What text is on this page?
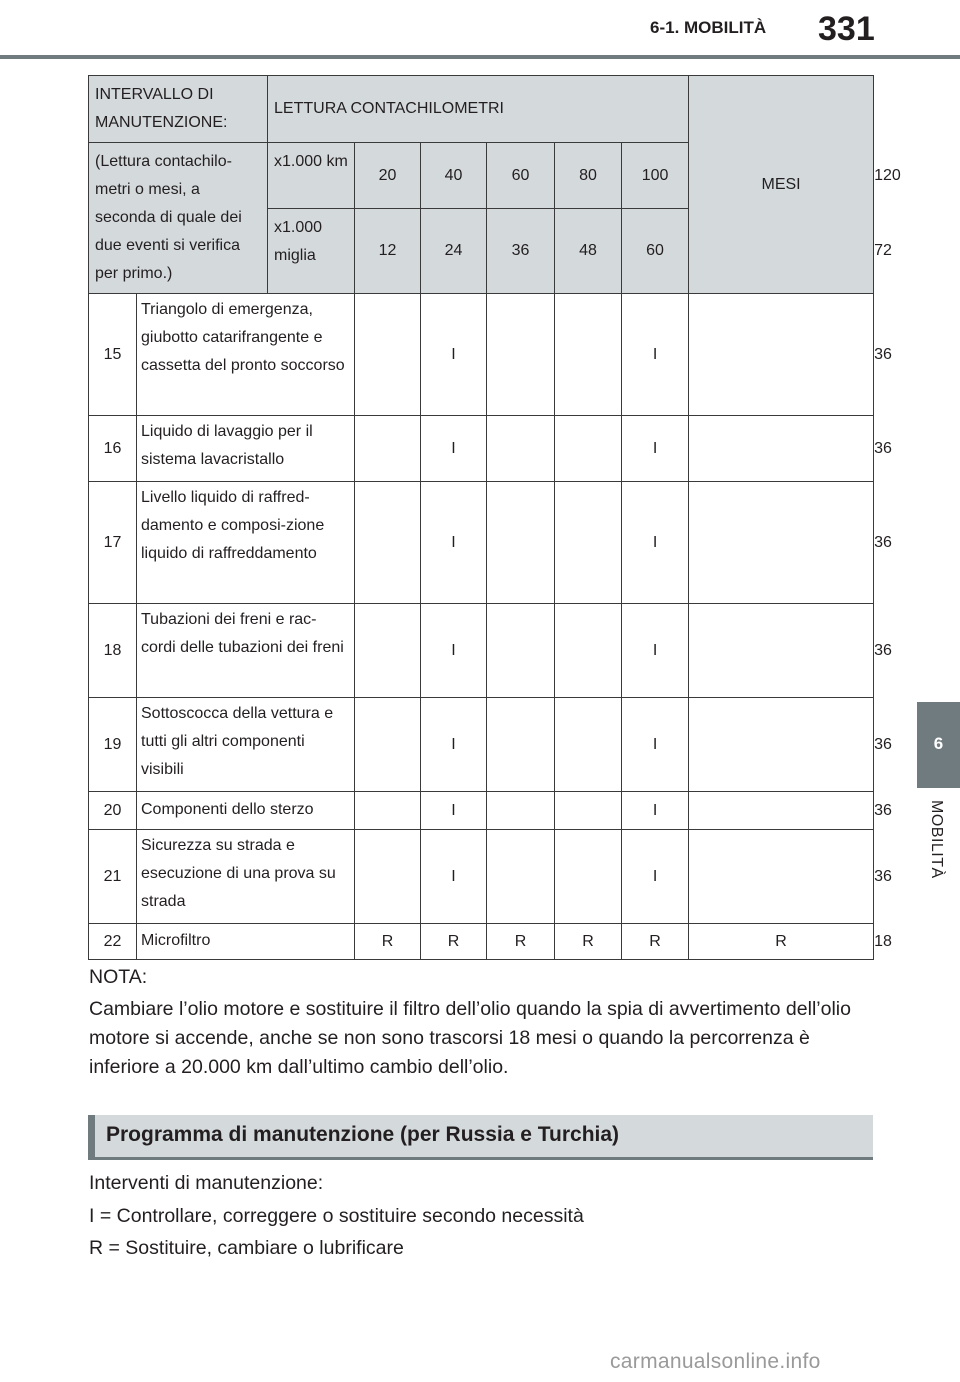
6-1. MOBILITÀ 331
6
MOBILITÀ
INTERVALLO DI MANUTENZIONE:		LETTURA CONTACHILOMETRI						MESI	
(Lettura contachilo-metri o mesi, a seconda di quale dei due eventi si verifica per primo.)		x1.000 km	20	40	60	80	100		120
		x1.000 miglia	12	24	36	48	60		72
15	Triangolo di emergenza, giubotto catarifrangente e cassetta del pronto soccorso			I			I		36
16	Liquido di lavaggio per il sistema lavacristallo			I			I		36
17	Livello liquido di raffred-damento e composi-zione liquido di raffreddamento			I			I		36
18	Tubazioni dei freni e rac-cordi delle tubazioni dei freni			I			I		36
19	Sottoscocca della vettura e tutti gli altri componenti visibili			I			I		36
20	Componenti dello sterzo			I			I		36
21	Sicurezza su strada e esecuzione di una prova su strada			I			I		36
22	Microfiltro		R	R	R	R	R	R	18
NOTA:
Cambiare l’olio motore e sostituire il filtro dell’olio quando la spia di avvertimento dell’olio motore si accende, anche se non sono trascorsi 18 mesi o quando la percorrenza è inferiore a 20.000 km dall’ultimo cambio dell’olio.
Programma di manutenzione (per Russia e Turchia)
Interventi di manutenzione:
I = Controllare, correggere o sostituire secondo necessità
R = Sostituire, cambiare o lubrificare
carmanualsonline.info
